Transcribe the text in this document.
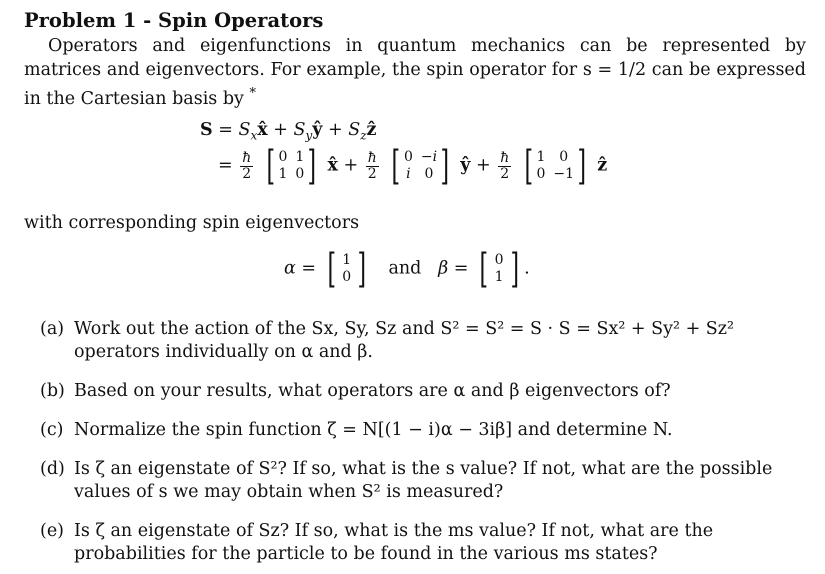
Problem 1 - Spin Operators
Operators and eigenfunctions in quantum mechanics can be represented by matrices and eigenvectors. For example, the spin operator for s = 1/2 can be expressed in the Cartesian basis by *
$S = S_xx̂$ + $S_yŷ$ + $S_zẑ$
= $\frac{ħ}{2}$
[ 0 1
1 0 ] x̂ + $\frac{ħ}{2}$
[ 0 −i
i 0 ] ŷ + $\frac{ħ}{2}$
[ 1 0
0 −1 ] ẑ
with corresponding spin eigenvectors
α = [ 1
0 ] and β = [ 0
1 ] .
(a) Work out the action of the Sx, Sy, Sz and S² = S² = S · S = Sx² + Sy² + Sz² operators individually on α and β.
(b) Based on your results, what operators are α and β eigenvectors of?
(c) Normalize the spin function ζ = N[(1 − i)α − 3iβ] and determine N.
(d) Is ζ an eigenstate of S²? If so, what is the s value? If not, what are the possible values of s we may obtain when S² is measured?
(e) Is ζ an eigenstate of Sz? If so, what is the ms value? If not, what are the probabilities for the particle to be found in the various ms states?
